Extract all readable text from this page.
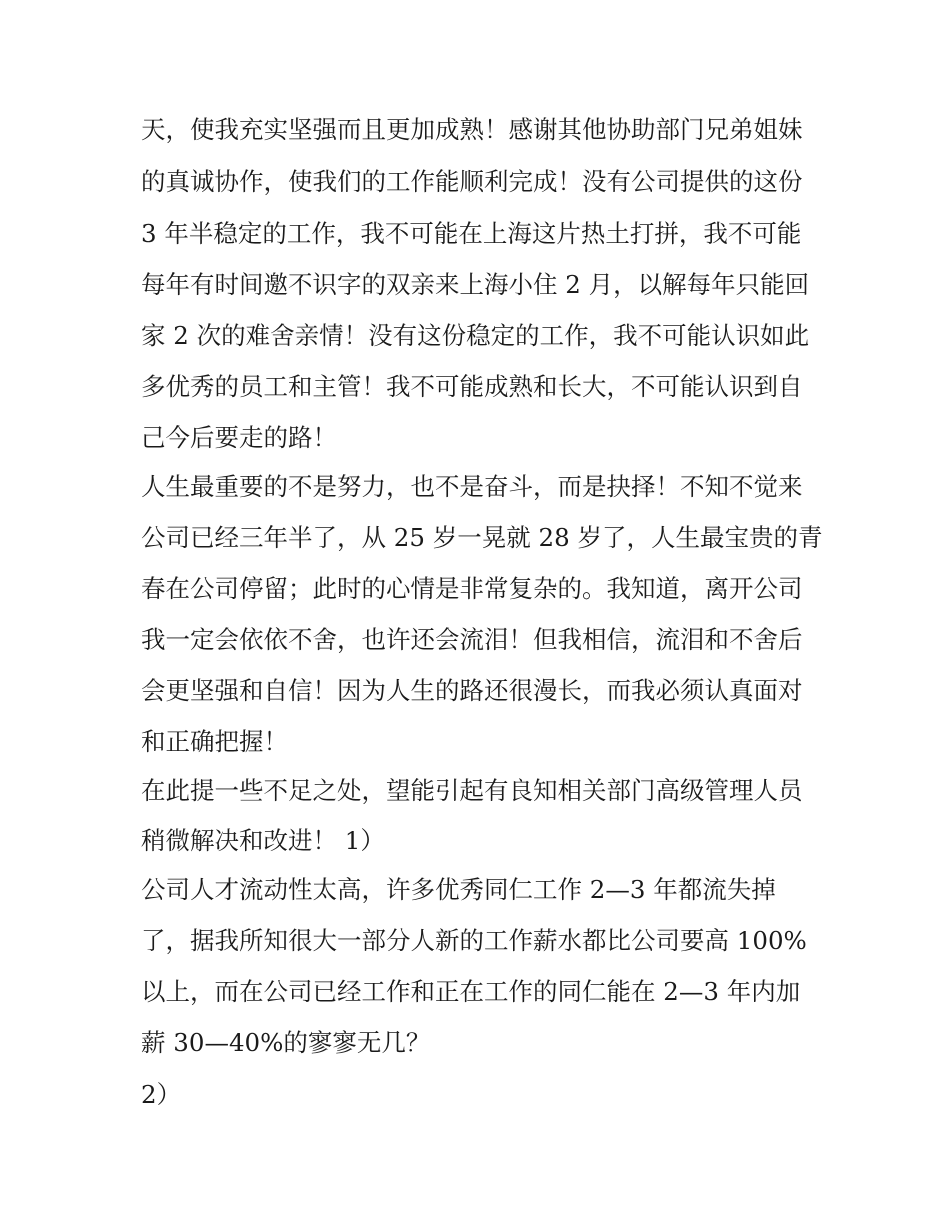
天，使我充实坚强而且更加成熟！感谢其他协助部门兄弟姐妹
的真诚协作，使我们的工作能顺利完成！没有公司提供的这份
3 年半稳定的工作，我不可能在上海这片热土打拼，我不可能
每年有时间邀不识字的双亲来上海小住 2 月，以解每年只能回
家 2 次的难舍亲情！没有这份稳定的工作，我不可能认识如此
多优秀的员工和主管！我不可能成熟和长大，不可能认识到自
己今后要走的路！
人生最重要的不是努力，也不是奋斗，而是抉择！不知不觉来
公司已经三年半了，从 25 岁一晃就 28 岁了，人生最宝贵的青
春在公司停留；此时的心情是非常复杂的。我知道，离开公司
我一定会依依不舍，也许还会流泪！但我相信，流泪和不舍后
会更坚强和自信！因为人生的路还很漫长，而我必须认真面对
和正确把握！
在此提一些不足之处，望能引起有良知相关部门高级管理人员
稍微解决和改进！ 1）
公司人才流动性太高，许多优秀同仁工作 2—3 年都流失掉
了，据我所知很大一部分人新的工作薪水都比公司要高 100%
以上，而在公司已经工作和正在工作的同仁能在 2—3 年内加
薪 30—40%的寥寥无几？
2）
